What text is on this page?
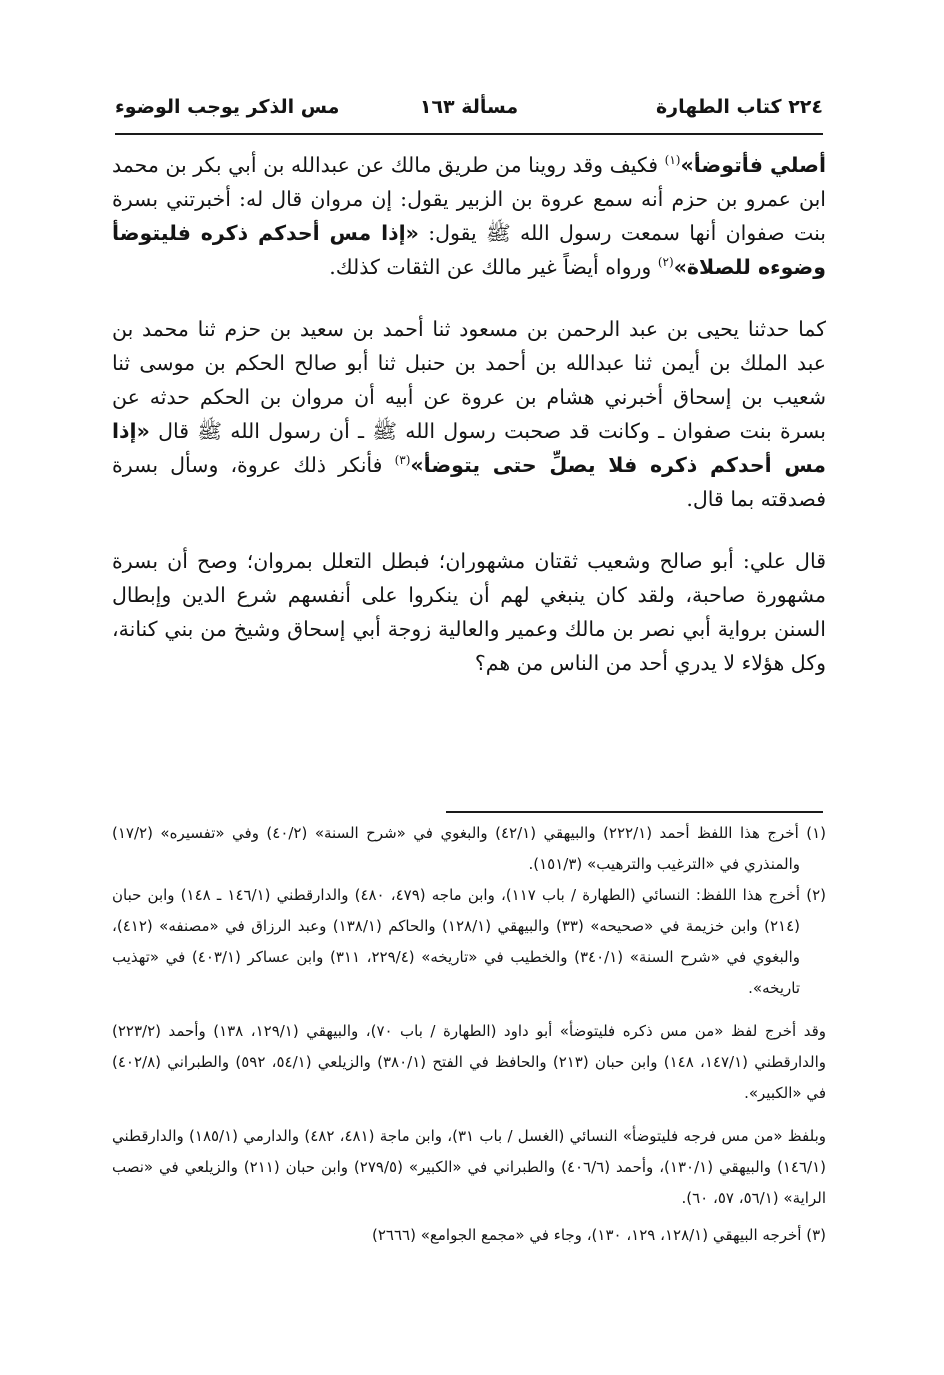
٢٢٤ كتاب الطهارة
مسألة ١٦٣
مس الذكر يوجب الوضوء

أصلي فأتوضأ»$^{(١)}$ فكيف وقد روينا من طريق مالك عن عبدالله بن أبي بكر بن محمد ابن عمرو بن حزم أنه سمع عروة بن الزبير يقول: إن مروان قال له: أخبرتني بسرة بنت صفوان أنها سمعت رسول الله ﷺ يقول: «إذا مس أحدكم ذكره فليتوضأ وضوءه للصلاة»$^{(٢)}$ ورواه أيضاً غير مالك عن الثقات كذلك.

كما حدثنا يحيى بن عبد الرحمن بن مسعود ثنا أحمد بن سعيد بن حزم ثنا محمد بن عبد الملك بن أيمن ثنا عبدالله بن أحمد بن حنبل ثنا أبو صالح الحكم بن موسى ثنا شعيب بن إسحاق أخبرني هشام بن عروة عن أبيه أن مروان بن الحكم حدثه عن بسرة بنت صفوان ـ وكانت قد صحبت رسول الله ﷺ ـ أن رسول الله ﷺ قال «إذا مس أحدكم ذكره فلا يصلِّ حتى يتوضأ»$^{(٣)}$ فأنكر ذلك عروة، وسأل بسرة فصدقته بما قال.

قال علي: أبو صالح وشعيب ثقتان مشهوران؛ فبطل التعلل بمروان؛ وصح أن بسرة مشهورة صاحبة، ولقد كان ينبغي لهم أن ينكروا على أنفسهم شرع الدين وإبطال السنن برواية أبي نصر بن مالك وعمير والعالية زوجة أبي إسحاق وشيخ من بني كنانة، وكل هؤلاء لا يدري أحد من الناس من هم؟

(١) أخرج هذا اللفظ أحمد (٢٢٢/١) والبيهقي (٤٢/١) والبغوي في «شرح السنة» (٤٠/٢) وفي «تفسيره» (١٧/٢) والمنذري في «الترغيب والترهيب» (١٥١/٣).

(٢) أخرج هذا اللفظ: النسائي (الطهارة / باب ١١٧)، وابن ماجه (٤٧٩، ٤٨٠) والدارقطني (١٤٦/١ ـ ١٤٨) وابن حبان (٢١٤) وابن خزيمة في «صحيحه» (٣٣) والبيهقي (١٢٨/١) والحاكم (١٣٨/١) وعبد الرزاق في «مصنفه» (٤١٢)، والبغوي في «شرح السنة» (٣٤٠/١) والخطيب في «تاريخه» (٢٢٩/٤، ٣١١) وابن عساكر (٤٠٣/١) في «تهذيب تاريخه».

وقد أخرج لفظ «من مس ذكره فليتوضأ» أبو داود (الطهارة / باب ٧٠)، والبيهقي (١٢٩/١، ١٣٨) وأحمد (٢٢٣/٢) والدارقطني (١٤٧/١، ١٤٨) وابن حبان (٢١٣) والحافظ في الفتح (٣٨٠/١) والزيلعي (٥٤/١، ٥٩٢) والطبراني (٤٠٢/٨) في «الكبير».

وبلفظ «من مس فرجه فليتوضأ» النسائي (الغسل / باب ٣١)، وابن ماجة (٤٨١، ٤٨٢) والدارمي (١٨٥/١) والدارقطني (١٤٦/١) والبيهقي (١٣٠/١)، وأحمد (٤٠٦/٦) والطبراني في «الكبير» (٢٧٩/٥) وابن حبان (٢١١) والزيلعي في «نصب الراية» (٥٦/١، ٥٧، ٦٠).

(٣) أخرجه البيهقي (١٢٨/١، ١٢٩، ١٣٠)، وجاء في «مجمع الجوامع» (٢٦٦٦)
